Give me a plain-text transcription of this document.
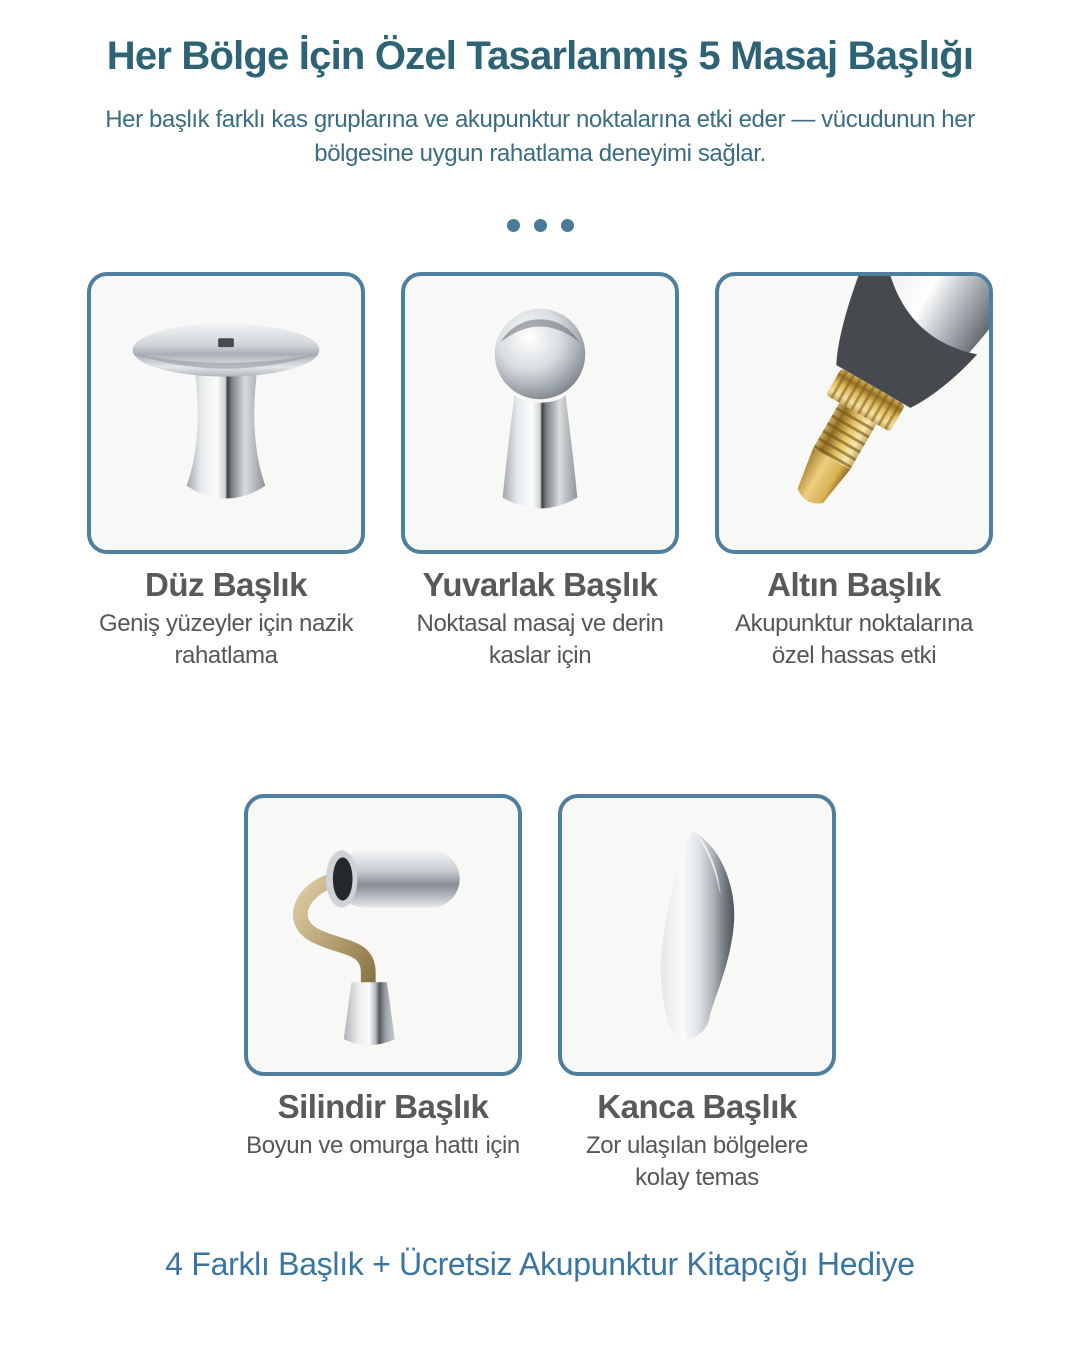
Her Bölge İçin Özel Tasarlanmış 5 Masaj Başlığı

Her başlık farklı kas gruplarına ve akupunktur noktalarına etki eder — vücudunun her bölgesine uygun rahatlama deneyimi sağlar.

Düz Başlık

Geniş yüzeyler için nazik rahatlama

Yuvarlak Başlık

Noktasal masaj ve derin kaslar için

Altın Başlık

Akupunktur noktalarına özel hassas etki

Silindir Başlık

Boyun ve omurga hattı için

Kanca Başlık

Zor ulaşılan bölgelere kolay temas

4 Farklı Başlık + Ücretsiz Akupunktur Kitapçığı Hediye
